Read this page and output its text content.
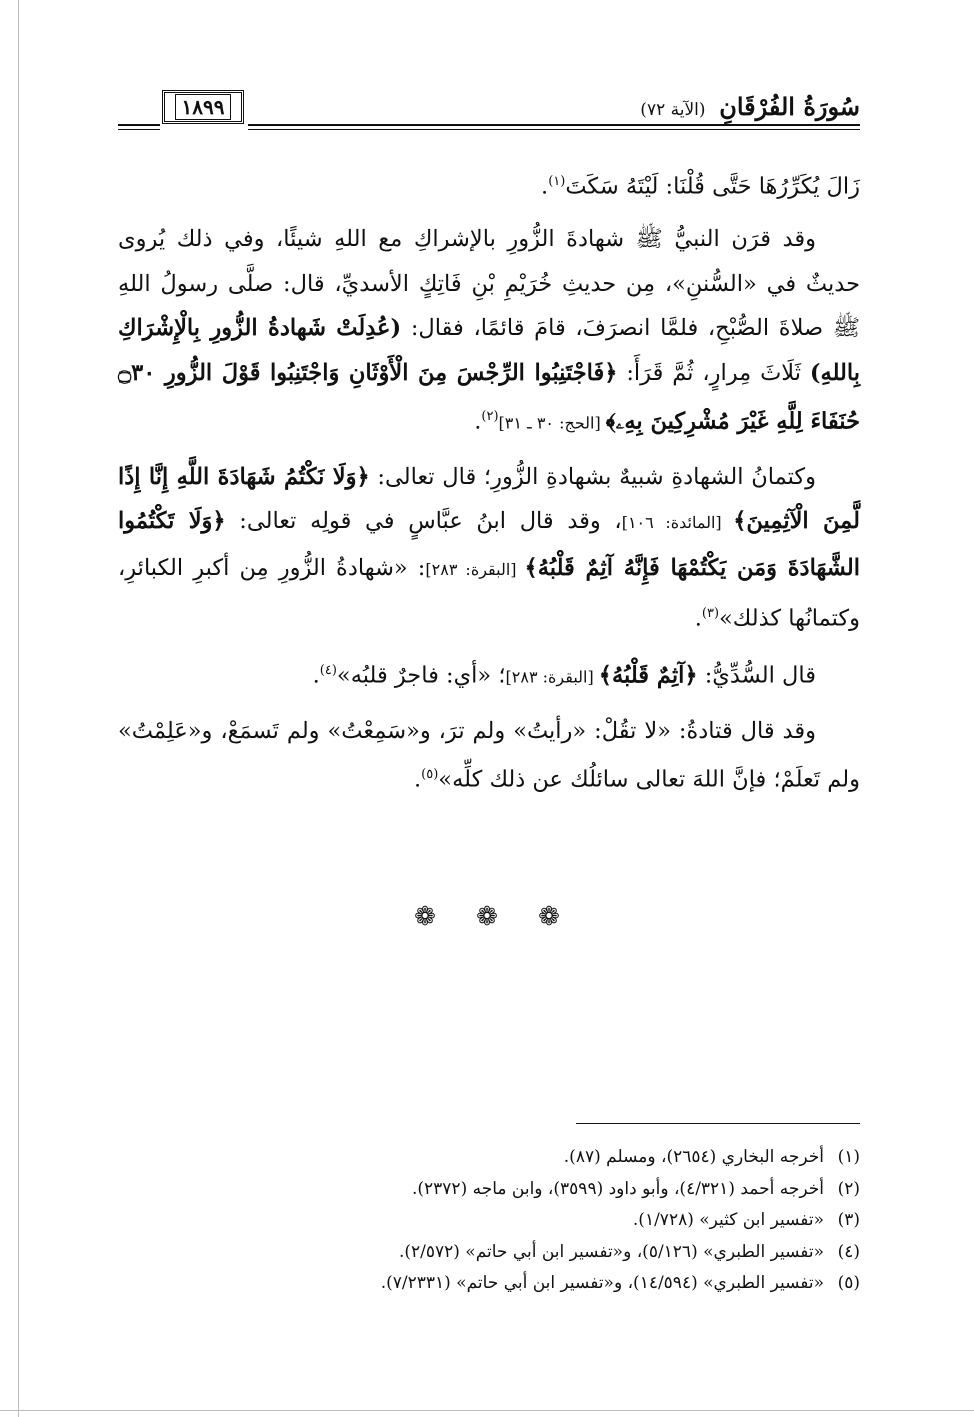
سُورَةُ الفُرْقَانِ (الآية ٧٢)
١٨٩٩

زَالَ يُكَرِّرُهَا حَتَّى قُلْنَا: لَيْتَهُ سَكَتَ$^{(١)}$.

وقد قرَن النبيُّ ﷺ شهادةَ الزُّورِ بالإشراكِ مع اللهِ شيئًا، وفي ذلك يُروى حديثٌ في «السُّننِ»، مِن حديثِ خُرَيْمِ بْنِ فَاتِكٍ الأسديِّ، قال: صلَّى رسولُ اللهِ ﷺ صلاةَ الصُّبْحِ، فلمَّا انصرَفَ، قامَ قائمًا، فقال: (عُدِلَتْ شَهادةُ الزُّورِ بِالْإِشْرَاكِ بِاللهِ) ثَلَاثَ مِرارٍ، ثُمَّ قَرَأَ: ﴿فَاجْتَنِبُوا الرِّجْسَ مِنَ الْأَوْثَانِ وَاجْتَنِبُوا قَوْلَ الزُّورِ ۝٣٠ حُنَفَاءَ لِلَّهِ غَيْرَ مُشْرِكِينَ بِهِۦ﴾ [الحج: ٣٠ ـ ٣١]$^{(٢)}$.

وكتمانُ الشهادةِ شبيهٌ بشهادةِ الزُّورِ؛ قال تعالى: ﴿وَلَا نَكْتُمُ شَهَادَةَ اللَّهِ إِنَّا إِذًا لَّمِنَ الْآثِمِينَ﴾ [المائدة: ١٠٦]، وقد قال ابنُ عبَّاسٍ في قولِه تعالى: ﴿وَلَا تَكْتُمُوا الشَّهَادَةَ وَمَن يَكْتُمْهَا فَإِنَّهُ آثِمٌ قَلْبُهُ﴾ [البقرة: ٢٨٣]: «شهادةُ الزُّورِ مِن أكبرِ الكبائرِ، وكتمانُها كذلك»$^{(٣)}$.

قال السُّدِّيُّ: ﴿آثِمٌ قَلْبُهُ﴾ [البقرة: ٢٨٣]؛ «أي: فاجرٌ قلبُه»$^{(٤)}$.

وقد قال قتادةُ: «لا تقُلْ: «رأيتُ» ولم ترَ، و«سَمِعْتُ» ولم تَسمَعْ، و«عَلِمْتُ» ولم تَعلَمْ؛ فإنَّ اللهَ تعالى سائلُك عن ذلك كلِّه»$^{(٥)}$.

❁ ❁ ❁
(١)
أخرجه البخاري (٢٦٥٤)، ومسلم (٨٧).
(٢)
أخرجه أحمد (٤/٣٢١)، وأبو داود (٣٥٩٩)، وابن ماجه (٢٣٧٢).
(٣)
«تفسير ابن كثير» (١/٧٢٨).
(٤)
«تفسير الطبري» (٥/١٢٦)، و«تفسير ابن أبي حاتم» (٢/٥٧٢).
(٥)
«تفسير الطبري» (١٤/٥٩٤)، و«تفسير ابن أبي حاتم» (٧/٢٣٣١).
